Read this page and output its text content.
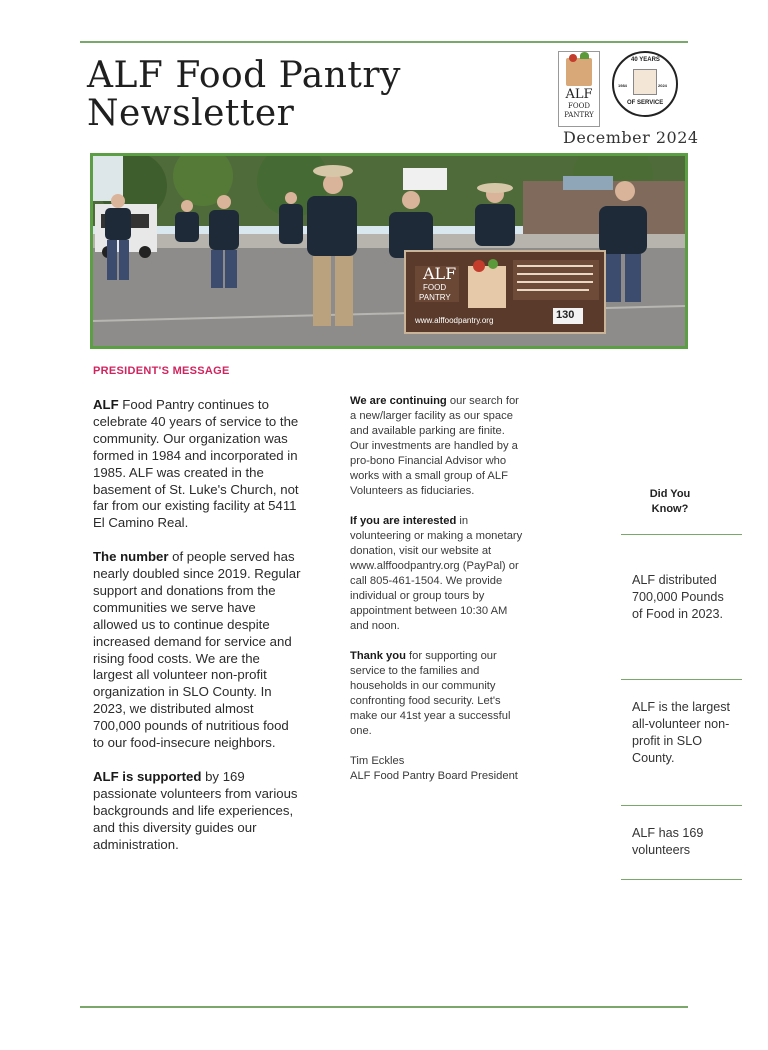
ALF Food Pantry
Newsletter	ALF
FOOD
PANTRY
40 YEARS
1984	2024
OF SERVICE
December 2024
ALF
FOOD
PANTRY
www.alffoodpantry.org	130
PRESIDENT'S MESSAGE

ALF Food Pantry continues to celebrate 40 years of service to the community. Our organization was formed in 1984 and incorporated in 1985. ALF was created in the basement of St. Luke's Church, not far from our existing facility at 5411 El Camino Real.

The number of people served has nearly doubled since 2019. Regular support and donations from the communities we serve have allowed us to continue despite increased demand for service and rising food costs. We are the largest all volunteer non-profit organization in SLO County. In 2023, we distributed almost 700,000 pounds of nutritious food to our food-insecure neighbors.

ALF is supported by 169 passionate volunteers from various backgrounds and life experiences, and this diversity guides our administration.

We are continuing our search for a new/larger facility as our space and available parking are finite. Our investments are handled by a pro-bono Financial Advisor who works with a small group of ALF Volunteers as fiduciaries.

If you are interested in volunteering or making a monetary donation, visit our website at www.alffoodpantry.org (PayPal) or call 805-461-1504. We provide individual or group tours by appointment between 10:30 AM and noon.

Thank you for supporting our service to the families and households in our community confronting food security. Let's make our 41st year a successful one.

Tim Eckles
ALF Food Pantry Board President

Did You Know?
ALF distributed 700,000 Pounds of Food in 2023.
ALF is the largest all-volunteer non-profit in SLO County.
ALF has 169 volunteers
